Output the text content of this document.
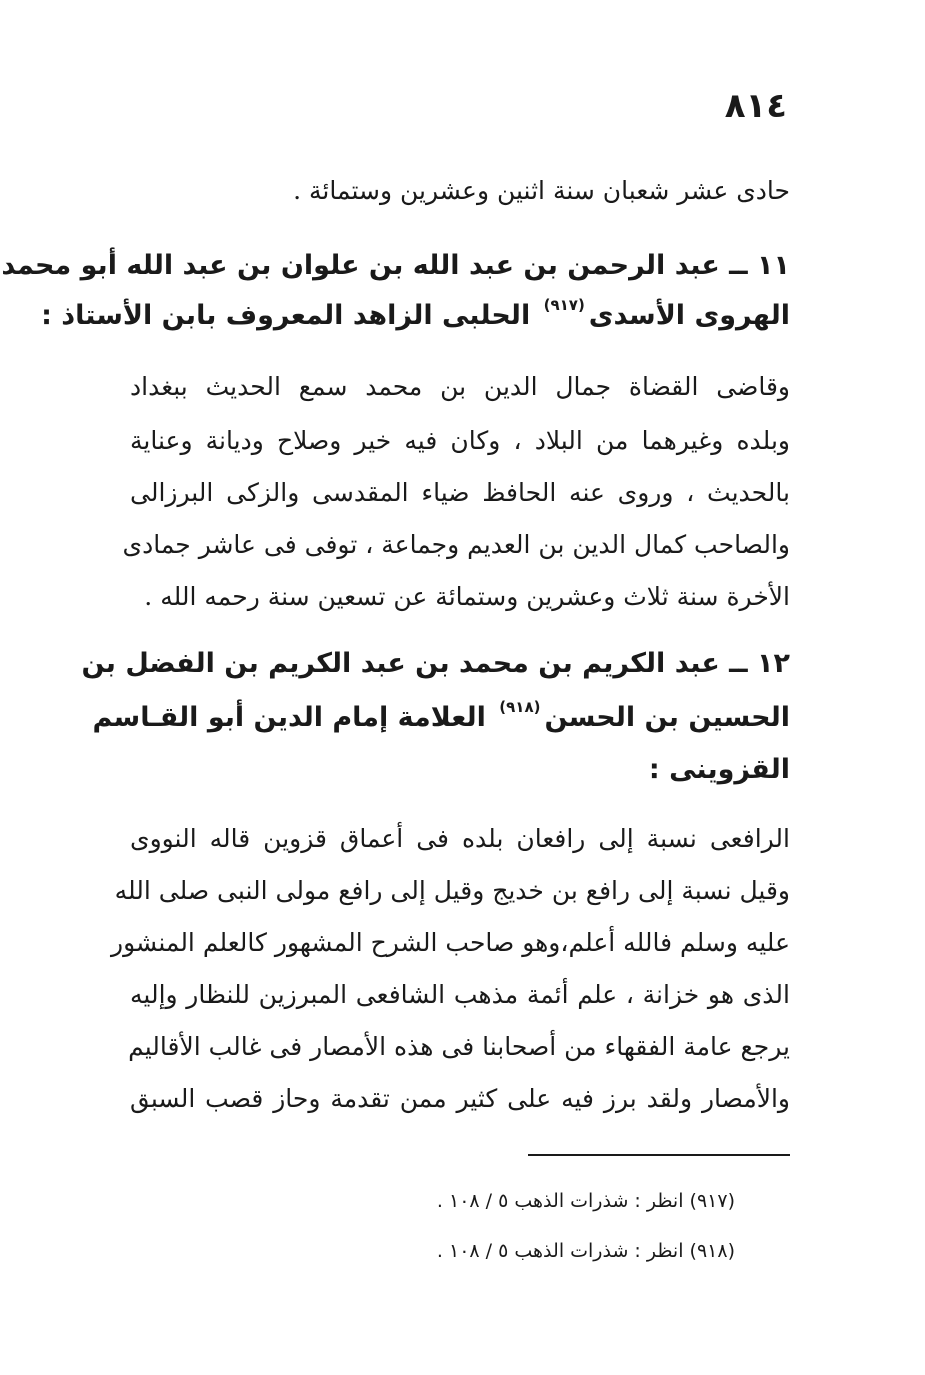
٨١٤
حادى عشر شعبان سنة اثنين وعشرين وستمائة .
١١ ــ عبد الرحمن بن عبد الله بن علوان بن عبد الله أبو محمد
الهروى الأسدى$^{(٩١٧)}$ الحلبى الزاهد المعروف بابن الأستاذ :
وقاضى القضاة جمال الدين بن محمد سمع الحديث ببغداد
وبلده وغيرهما من البلاد ، وكان فيه خير وصلاح وديانة وعناية
بالحديث ، وروى عنه الحافظ ضياء المقدسى والزكى البرزالى
والصاحب كمال الدين بن العديم وجماعة ، توفى فى عاشر جمادى
الأخرة سنة ثلاث وعشرين وستمائة عن تسعين سنة رحمه الله .
١٢ ــ عبد الكريم بن محمد بن عبد الكريم بن الفضل بن
الحسين بن الحسن$^{(٩١٨)}$ العلامة إمام الدين أبو القـاسم
القزوينى :
الرافعى نسبة إلى رافعان بلده فى أعماق قزوين قاله النووى
وقيل نسبة إلى رافع بن خديج وقيل إلى رافع مولى النبى صلى الله
عليه وسلم فالله أعلم،وهو صاحب الشرح المشهور كالعلم المنشور
الذى هو خزانة ، علم أئمة مذهب الشافعى المبرزين للنظار وإليه
يرجع عامة الفقهاء من أصحابنا فى هذه الأمصار فى غالب الأقاليم
والأمصار ولقد برز فيه على كثير ممن تقدمة وحاز قصب السبق
(٩١٧) انظر : شذرات الذهب ٥ / ١٠٨ .
(٩١٨) انظر : شذرات الذهب ٥ / ١٠٨ .
